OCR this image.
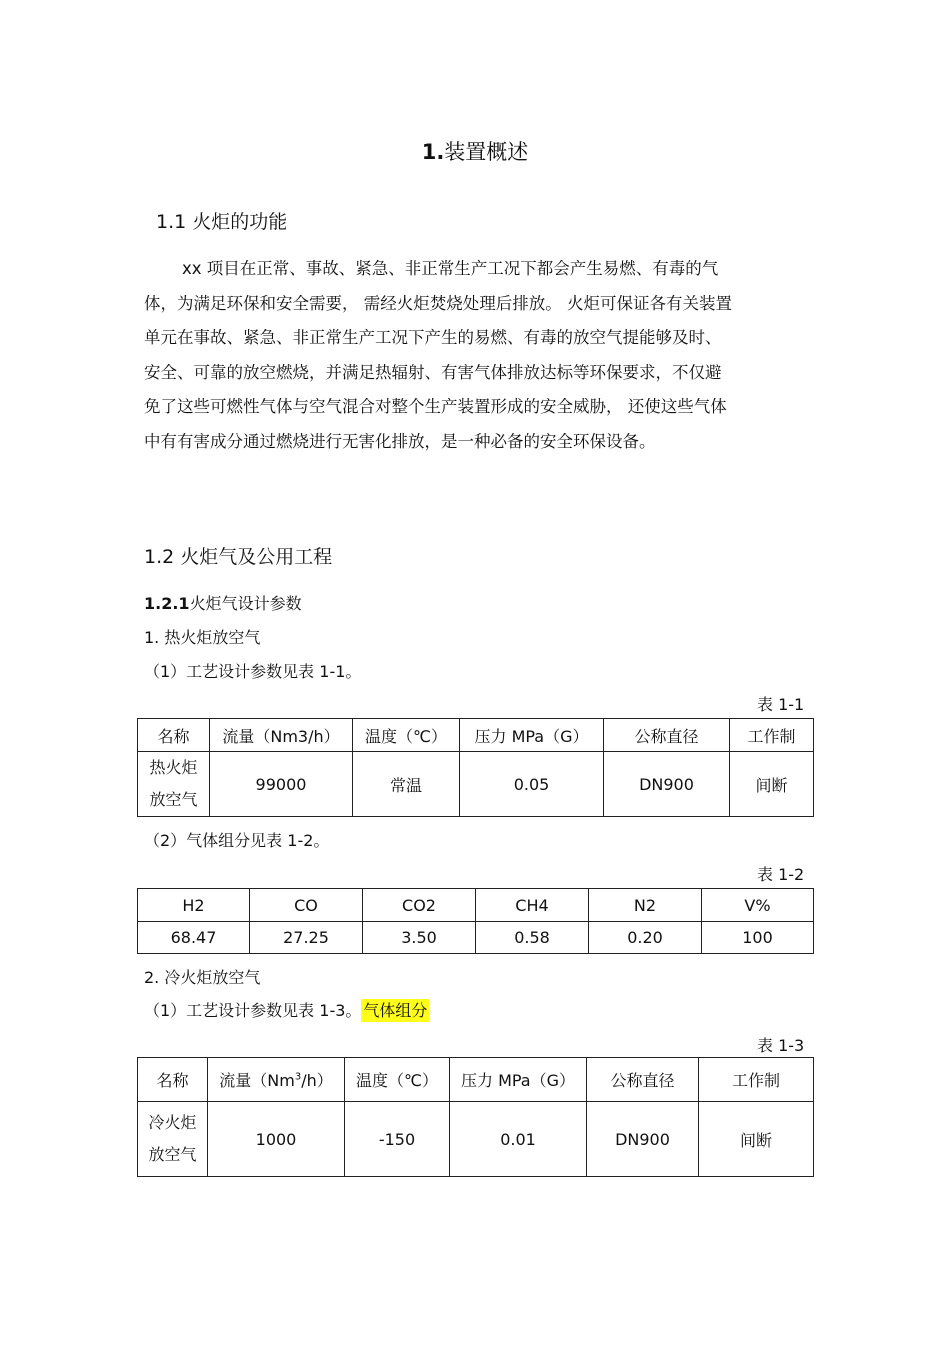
1.装置概述
1.1 火炬的功能
xx 项目在正常、事故、紧急、非正常生产工况下都会产生易燃、有毒的气
体，为满足环保和安全需要， 需经火炬焚烧处理后排放。 火炬可保证各有关装置
单元在事故、紧急、非正常生产工况下产生的易燃、有毒的放空气提能够及时、
安全、可靠的放空燃烧，并满足热辐射、有害气体排放达标等环保要求，不仅避
免了这些可燃性气体与空气混合对整个生产装置形成的安全威胁， 还使这些气体
中有有害成分通过燃烧进行无害化排放，是一种必备的安全环保设备。
1.2 火炬气及公用工程
1.2.1火炬气设计参数
1. 热火炬放空气
（1）工艺设计参数见表 1-1。
表 1-1
名称	流量（Nm3/h）	温度（℃）	压力 MPa（G）	公称直径	工作制
热火炬
放空气	99000	常温	0.05	DN900	间断
（2）气体组分见表 1-2。
表 1-2
H2	CO	CO2	CH4	N2	V%
68.47	27.25	3.50	0.58	0.20	100
2. 冷火炬放空气
（1）工艺设计参数见表 1-3。 气体组分
表 1-3
名称	流量（Nm$^3$/h）	温度（℃）	压力 MPa（G）	公称直径	工作制
冷火炬
放空气	1000	-150	0.01	DN900	间断
